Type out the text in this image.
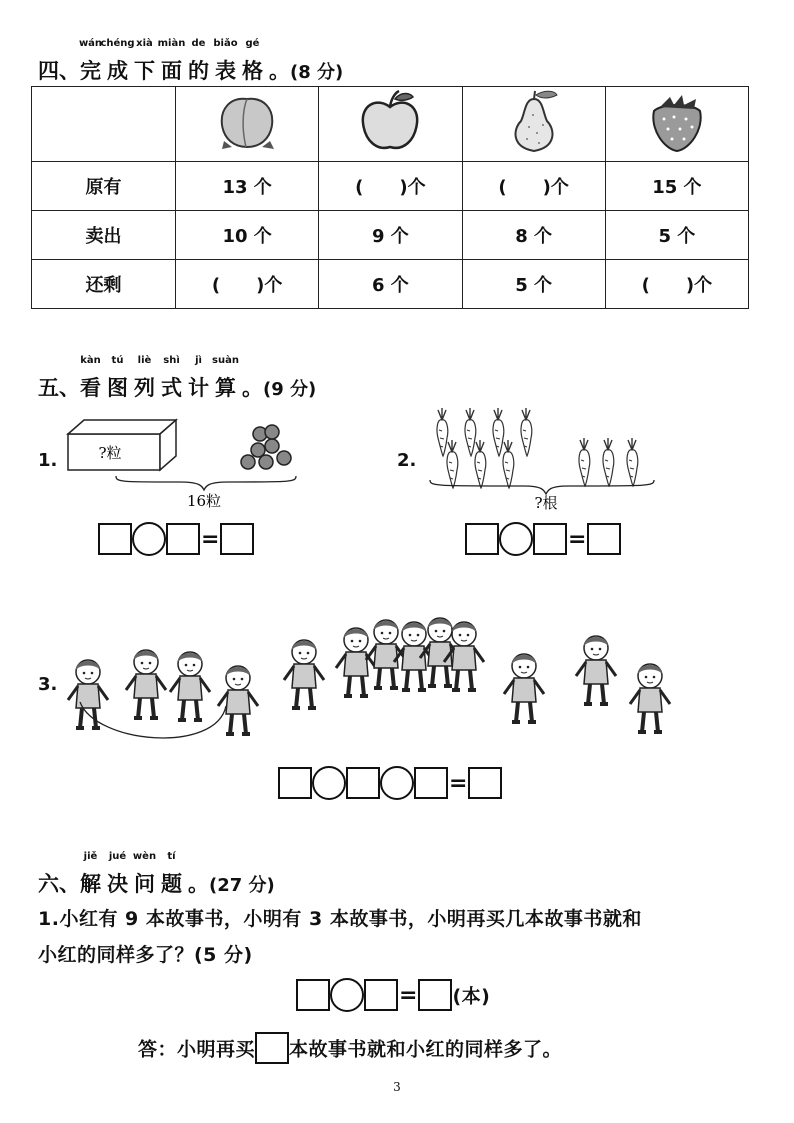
四、
wán
完
chéng
成
xià
下
miàn
面
de
的
biǎo
表
gé
格 。(8 分)

原有	13 个	(　　)个	(　　)个	15 个
卖出	10 个	9 个	8 个	5 个
还剩	(　　)个	6 个	5 个	(　　)个
五、
kàn
看
tú
图
liè
列
shì
式
jì
计
suàn
算 。(9 分)
1.	?粒
16粒
=
2.
?根
=
3.
=
六、
jiě
解
jué
决
wèn
问
tí
题 。(27 分)
1.小红有 9 本故事书，小明有 3 本故事书，小明再买几本故事书就和
小红的同样多了？(5 分)
= (本)
答：小明再买 本故事书就和小红的同样多了。
3
